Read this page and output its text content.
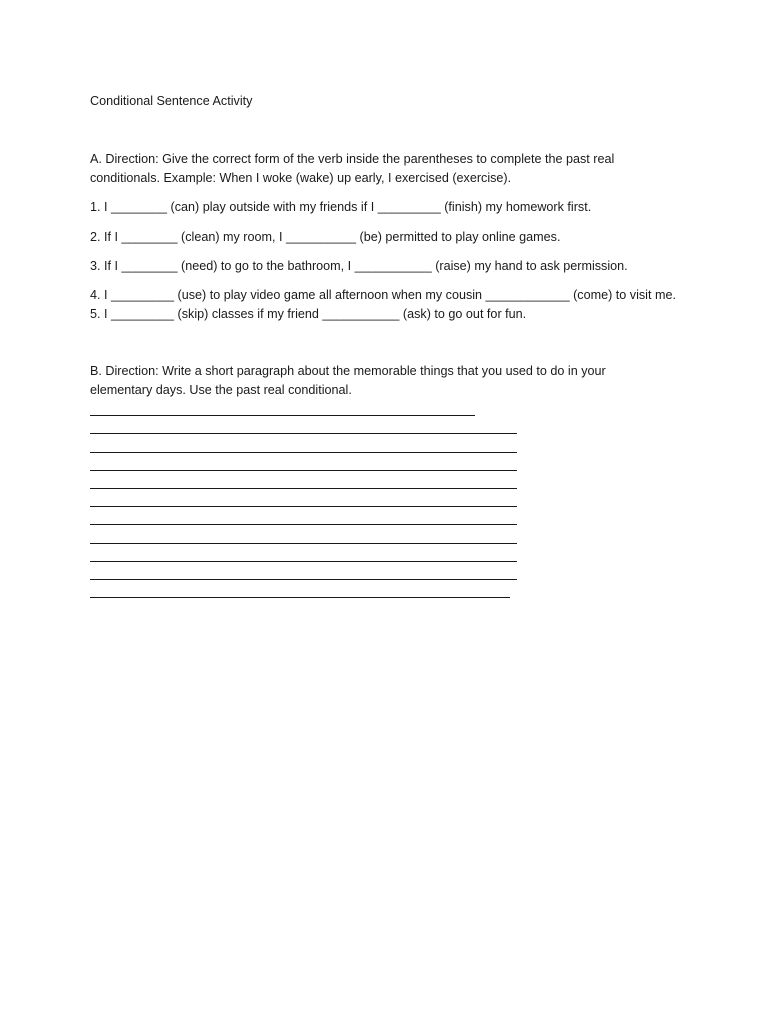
Conditional Sentence Activity
A. Direction: Give the correct form of the verb inside the parentheses to complete the past real conditionals. Example: When I woke (wake) up early, I exercised (exercise).
1. I ________ (can) play outside with my friends if I _________ (finish) my homework first.
2. If I ________ (clean) my room, I __________ (be) permitted to play online games.
3. If I ________ (need) to go to the bathroom, I ___________ (raise) my hand to ask permission.
4. I _________ (use) to play video game all afternoon when my cousin ____________ (come) to visit me.
5. I _________ (skip) classes if my friend ___________ (ask) to go out for fun.
B. Direction: Write a short paragraph about the memorable things that you used to do in your elementary days. Use the past real conditional.
